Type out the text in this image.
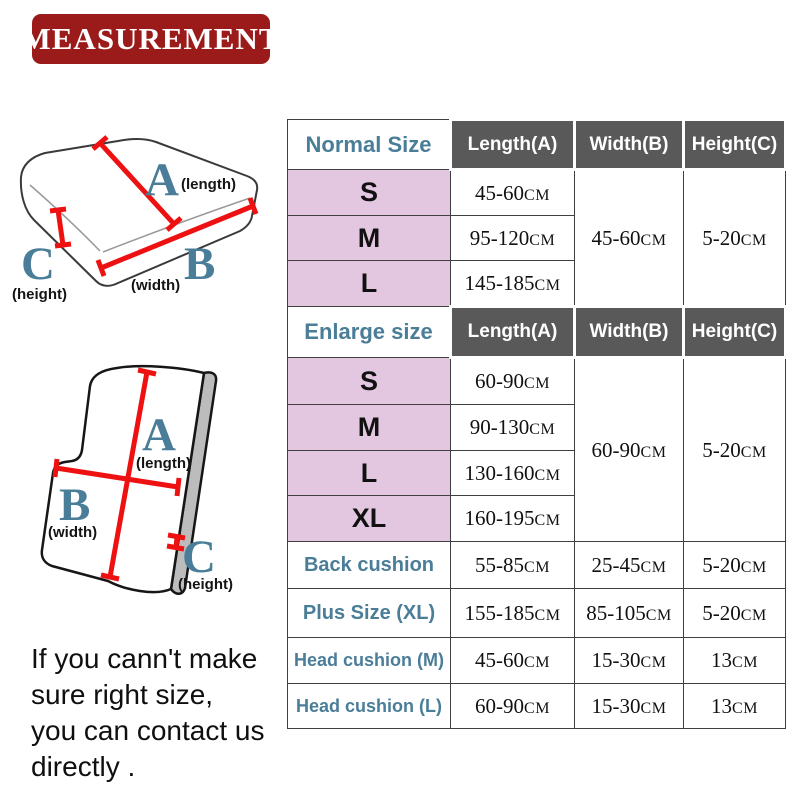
MEASUREMENT
A (length)
B
(width)
C
(height)
A
(length)
B
(width) C
(height)
Normal Size	Length(A)	Width(B)	Height(C)
S	45-60CM	45-60CM	5-20CM
M	95-120CM		
L	145-185CM		
Enlarge size	Length(A)	Width(B)	Height(C)
S	60-90CM	60-90CM	5-20CM
M	90-130CM		
L	130-160CM		
XL	160-195CM		
Back cushion	55-85CM	25-45CM	5-20CM
Plus Size (XL)	155-185CM	85-105CM	5-20CM
Head cushion (M)	45-60CM	15-30CM	13CM
Head cushion (L)	60-90CM	15-30CM	13CM
If you cann't make
sure right size,
you can contact us
directly .
